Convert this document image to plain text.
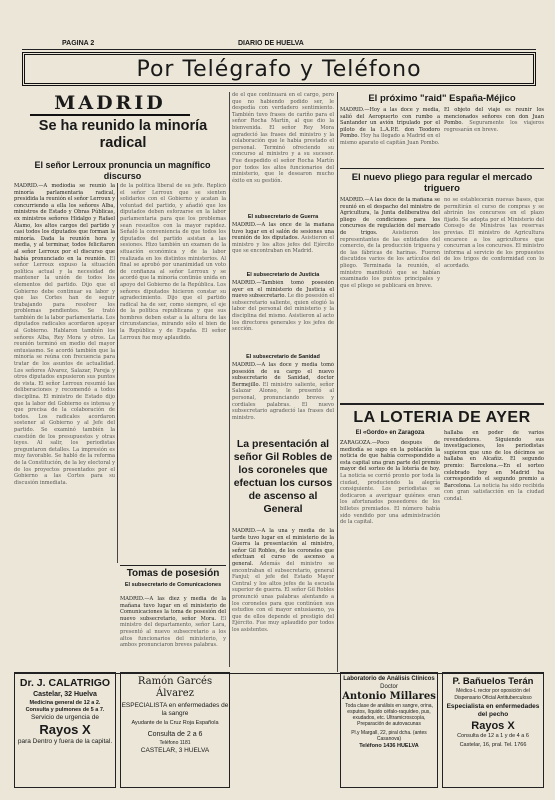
PAGINA 2	DIARIO DE HUELVA
Por Telégrafo y Teléfono
MADRID
Se ha reunido la minoría radical
El señor Lerroux pronuncia un magnífico discurso
MADRID.—A mediodía se reunió la minoría parlamentaria radical, presidida la reunión el señor Lerroux y concurriendo a ella los señores Alba, ministros de Estado y Obras Públicas, ex ministros señores Hidalgo y Rafael Álamo, los altos cargos del partido y casi todos los diputados que forman la minoría. Dada la reunión hora y media, y al terminar, todos felicitaron al señor Lerroux por el discurso que había pronunciado en la reunión. El señor Lerroux expuso la situación política actual y la necesidad de mantener la unión de todos los elementos del partido. Dijo que el Gobierno debe continuar su labor y que las Cortes han de seguir trabajando para resolver los problemas pendientes. Se trató también de la labor parlamentaria. Los diputados radicales acordaron apoyar al Gobierno. Hablaron también los señores Alba, Rey Mora y otros. La reunión terminó en medio del mayor entusiasmo. Se acordó también que la minoría se reúna con frecuencia para tratar de los asuntos de actualidad. Los señores Álvarez, Salazar, Pareja y otros diputados expusieron sus puntos de vista. El señor Lerroux resumió las deliberaciones y recomendó a todos disciplina. El ministro de Estado dijo que la labor del Gobierno es intensa y que precisa de la colaboración de todos. Los radicales acordaron sostener al Gobierno y al Jefe del partido. Se examinó también la cuestión de los presupuestos y otras leyes. Al salir, los periodistas preguntaron detalles. La impresión es muy favorable. Se habló de la reforma de la Constitución, de la ley electoral y de los proyectos presentados por el Gobierno a las Cortes para su discusión inmediata.
de la política liberal de su jefe. Replicó el señor Lerroux que se sienten solidarios con el Gobierno y acatan la voluntad del partido, y añadió que los diputados deben esforzarse en la labor parlamentaria para que los problemas sean resueltos con la mayor rapidez. Señaló la conveniencia de que todos los diputados del partido asistan a las sesiones. Hizo también un examen de la situación económica y de la labor realizada en los distintos ministerios. Al final se aprobó por unanimidad un voto de confianza al señor Lerroux y se acordó que la minoría continúe unida en apoyo del Gobierno de la República. Los señores diputados hicieron constar su agradecimiento. Dijo que el partido radical ha de ser, como siempre, el eje de la política republicana y que sus hombres deben estar a la altura de las circunstancias, mirando sólo el bien de la República y de España. El señor Lerroux fue muy aplaudido.
Tomas de posesión
El subsecretario de Comunicaciones
MADRID.—A las diez y media de la mañana tuvo lugar en el ministerio de Comunicaciones la toma de posesión del nuevo subsecretario, señor Mora. El ministro del departamento, señor Lara, presentó al nuevo subsecretario a los altos funcionarios del ministerio, y ambos pronunciaron breves palabras.
de el que continuará en el cargo, pero que no habiendo podido ser, le despedía con verdadero sentimiento. También tuvo frases de cariño para el señor Rocha Martín, al que dio la bienvenida. El señor Rey Mora agradeció las frases del ministro y la colaboración que le había prestado el personal. Terminó ofreciendo su concurso al ministro y a su sucesor. Fue despedido el señor Rocha Martín por todos los altos funcionarios del ministerio, que le desearon mucho éxito en su gestión.
El subsecretario de Guerra
MADRID.—A las once de la mañana tuvo lugar en el salón de sesiones una reunión de los diputados. Asistieron el ministro y los altos jefes del Ejército que se encontraban en Madrid.
El subsecretario de Justicia
MADRID.—También tomó posesión ayer en el ministerio de Justicia el nuevo subsecretario. Le dio posesión el subsecretario saliente, quien elogió la labor del personal del ministerio y la disciplina del mismo. Asistieron al acto los directores generales y los jefes de sección.
El subsecretario de Sanidad
MADRID.—A las doce y media tomó posesión de su cargo el nuevo subsecretario de Sanidad, doctor Bermejillo. El ministro saliente, señor Salazar Alonso, le presentó al personal, pronunciando breves y cordiales palabras. El nuevo subsecretario agradeció las frases del ministro.
La presentación al señor Gil Robles de los coroneles que efectuan los cursos de ascenso al General
MADRID.—A la una y media de la tarde tuvo lugar en el ministerio de la Guerra la presentación al ministro, señor Gil Robles, de los coroneles que efectuan el curso de ascenso a general. Además del ministro se encontraban el subsecretario, general Fanjul; el jefe del Estado Mayor Central y los altos jefes de la escuela superior de guerra. El señor Gil Robles pronunció unas palabras alentando a los coroneles para que continúen sus estudios con el mayor entusiasmo, ya que de ellos depende el prestigio del Ejército. Fue muy aplaudido por todos los asistentes.
El próximo "raid" España-Méjico
MADRID.—Hoy a las doce y media, salió del Aeropuerto con rumbo a Santander un avión tripulado por el piloto de la L.A.P.E. don Teodoro Pombo. Hoy ha llegado a Madrid en el mismo aparato el capitán Juan Pombo.
El objeto del viaje es reunir los mencionados señores con don Juan Pombo. Seguramente los viajeros regresarán en breve.
El nuevo pliego para regular el mercado triguero
MADRID.—A las doce de la mañana se reunió en el despacho del ministro de Agricultura, la Junta deliberativa del pliego de condiciones para los concursos de regulación del mercado de trigos.	Asistieron los representantes de las entidades del comercio, de la producción triguera y de las fábricas de harinas. Fueron discutidos varios de los artículos del pliego. Terminada la reunión, el ministro manifestó que se habían examinado los puntos principales y que el pliego se publicará en breve.
no se establecerán nuevas bases, que permitirán el curso de compras y se abrirán los concursos en el plazo fijado. Se adopta por el Ministerio del Consejo de Ministros las reservas previas. El ministro de Agricultura encarece a los agricultores que concurran a los concursos. El ministro informa al servicio de los propuestos de los trigos de conformidad con lo acordado.
LA LOTERIA DE AYER
El «Gordo» en Zaragoza
ZARAGOZA.—Poco después de mediodía se supo en la población la noticia de que había correspondido a esta capital una gran parte del premio mayor del sorteo de la lotería de hoy. La noticia se corrió pronto por toda la ciudad, produciendo la alegría consiguiente. Los periodistas se dedicaron a averiguar quiénes eran los afortunados poseedores de los billetes premiados. El número había sido vendido por una administración de la capital.
hallaba en poder de varios revendedores. Siguiendo sus investigaciones, los periodistas supieron que uno de los décimos se hallaba en Alcañiz. El segundo premio: Barcelona.—En el sorteo celebrado hoy en Madrid ha correspondido el segundo premio a Barcelona. La noticia ha sido recibida con gran satisfacción en la ciudad condal.
Dr. J. CALATRIGO
Castelar, 32 Huelva
Medicina general de 12 a 2.
Consulta y pulmones de 5 a 7.
Servicio de urgencia de
Rayos X
para Dentro y fuera de la capital.
Ramón Garcés Álvarez
ESPECIALISTA en enfermedades de la sangre
Ayudante de la Cruz Roja Española
Consulta de 2 a 6
Teléfono 1181
CASTELAR, 3 HUELVA
Laboratorio de Análisis Clínicos
Doctor
Antonio Millares
Toda clase de análisis en sangre, orina, esputos, líquido céfalo-raquídeo, pus, exudados, etc. Ultramicroscopía, Preparación de autovacunas
Pl.y Margall, 22, piral dcha. (antes Casanova)
Teléfono 1436 HUELVA
P. Bañuelos Terán
Médico-L rector por oposición del Dispensario Oficial Antituberculoso
Especialista en enfermedades del pecho
Rayos X
Consulta de 12 a 1 y de 4 a 6
Castelar, 16, pral. Tel. 1766
